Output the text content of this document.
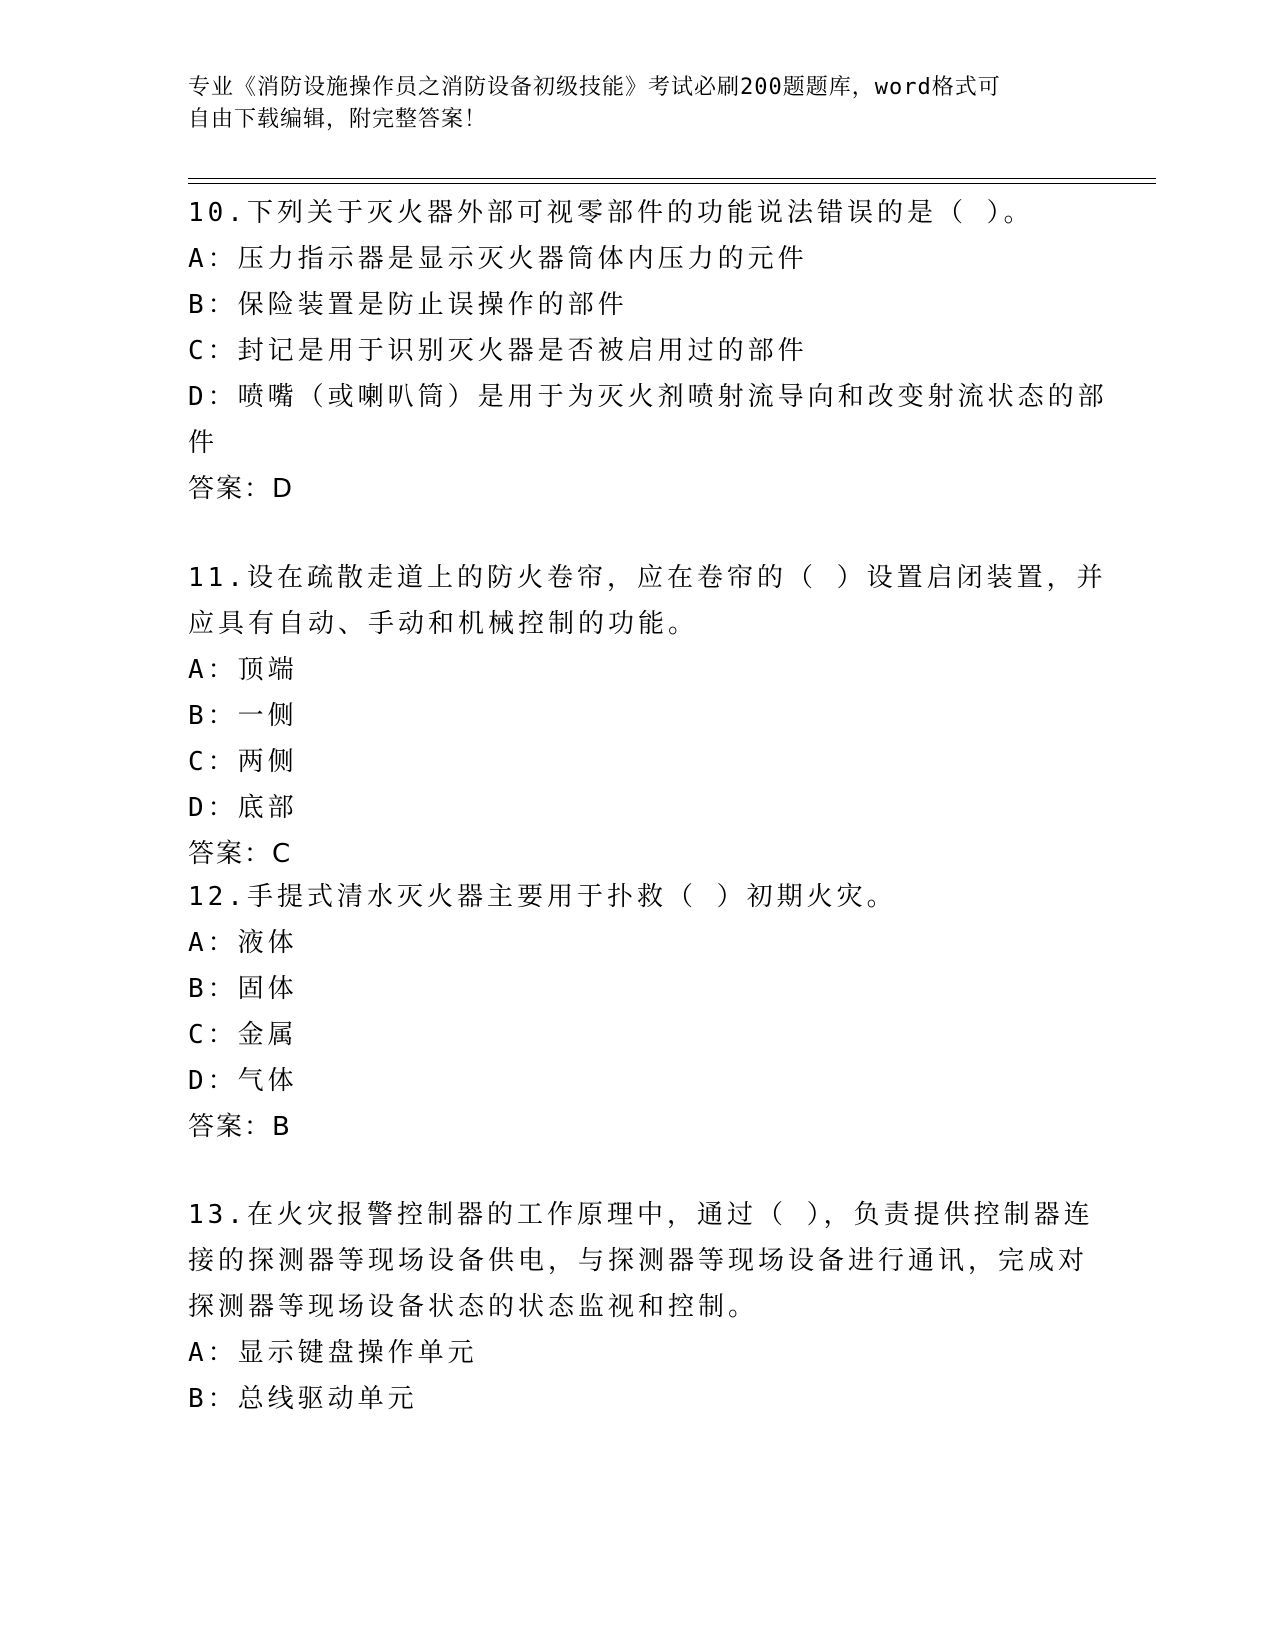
专业《消防设施操作员之消防设备初级技能》考试必刷200题题库，word格式可
自由下载编辑，附完整答案！
10.下列关于灭火器外部可视零部件的功能说法错误的是（ ）。
A：压力指示器是显示灭火器筒体内压力的元件
B：保险装置是防止误操作的部件
C：封记是用于识别灭火器是否被启用过的部件
D：喷嘴（或喇叭筒）是用于为灭火剂喷射流导向和改变射流状态的部
件
答案：D
11.设在疏散走道上的防火卷帘，应在卷帘的（ ）设置启闭装置，并
应具有自动、手动和机械控制的功能。
A：顶端
B：一侧
C：两侧
D：底部
答案：C
12.手提式清水灭火器主要用于扑救（ ）初期火灾。
A：液体
B：固体
C：金属
D：气体
答案：B
13.在火灾报警控制器的工作原理中，通过（ ），负责提供控制器连
接的探测器等现场设备供电，与探测器等现场设备进行通讯，完成对
探测器等现场设备状态的状态监视和控制。
A：显示键盘操作单元
B：总线驱动单元
